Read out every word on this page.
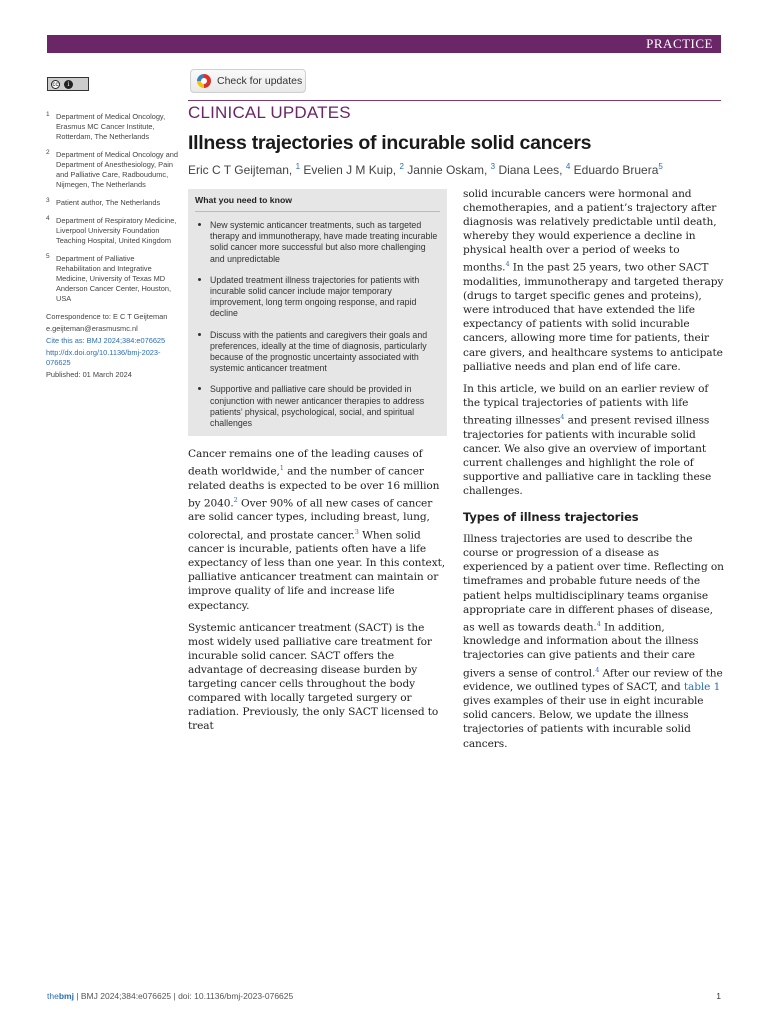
PRACTICE
cc	i	Check for updates
CLINICAL UPDATES
Illness trajectories of incurable solid cancers
Eric C T Geijteman, $^1$ Evelien J M Kuip, $^2$ Jannie Oskam, $^3$ Diana Lees, $^4$ Eduardo Bruera$^5$
1 Department of Medical Oncology, Erasmus MC Cancer Institute, Rotterdam, The Netherlands
2 Department of Medical Oncology and Department of Anesthesiology, Pain and Palliative Care, Radboudumc, Nijmegen, The Netherlands
3 Patient author, The Netherlands
4 Department of Respiratory Medicine, Liverpool University Foundation Teaching Hospital, United Kingdom
5 Department of Palliative Rehabilitation and Integrative Medicine, University of Texas MD Anderson Cancer Center, Houston, USA
Correspondence to: E C T Geijteman
e.geijteman@erasmusmc.nl
Cite this as: BMJ 2024;384:e076625
http://dx.doi.org/10.1136/bmj-2023-076625
Published: 01 March 2024
What you need to know
New systemic anticancer treatments, such as targeted therapy and immunotherapy, have made treating incurable solid cancer more successful but also more challenging and unpredictable
Updated treatment illness trajectories for patients with incurable solid cancer include major temporary improvement, long term ongoing response, and rapid decline
Discuss with the patients and caregivers their goals and preferences, ideally at the time of diagnosis, particularly because of the prognostic uncertainty associated with systemic anticancer treatment
Supportive and palliative care should be provided in conjunction with newer anticancer therapies to address patients’ physical, psychological, social, and spiritual challenges

Cancer remains one of the leading causes of death worldwide,$^1$ and the number of cancer related deaths is expected to be over 16 million by 2040.$^2$ Over 90% of all new cases of cancer are solid cancer types, including breast, lung, colorectal, and prostate cancer.$^3$ When solid cancer is incurable, patients often have a life expectancy of less than one year. In this context, palliative anticancer treatment can maintain or improve quality of life and increase life expectancy.

Systemic anticancer treatment (SACT) is the most widely used palliative care treatment for incurable solid cancer. SACT offers the advantage of decreasing disease burden by targeting cancer cells throughout the body compared with locally targeted surgery or radiation. Previously, the only SACT licensed to treat

solid incurable cancers were hormonal and chemotherapies, and a patient’s trajectory after diagnosis was relatively predictable until death, whereby they would experience a decline in physical health over a period of weeks to months.$^4$ In the past 25 years, two other SACT modalities, immunotherapy and targeted therapy (drugs to target specific genes and proteins), were introduced that have extended the life expectancy of patients with solid incurable cancers, allowing more time for patients, their care givers, and healthcare systems to anticipate palliative needs and plan end of life care.

In this article, we build on an earlier review of the typical trajectories of patients with life threating illnesses$^4$ and present revised illness trajectories for patients with incurable solid cancer. We also give an overview of important current challenges and highlight the role of supportive and palliative care in tackling these challenges.

Types of illness trajectories

Illness trajectories are used to describe the course or progression of a disease as experienced by a patient over time. Reflecting on timeframes and probable future needs of the patient helps multidisciplinary teams organise appropriate care in different phases of disease, as well as towards death.$^4$ In addition, knowledge and information about the illness trajectories can give patients and their care givers a sense of control.$^4$ After our review of the evidence, we outlined types of SACT, and table 1 gives examples of their use in eight incurable solid cancers. Below, we update the illness trajectories of patients with incurable solid cancers.

thebmj | BMJ 2024;384:e076625 | doi: 10.1136/bmj-2023-076625	1
